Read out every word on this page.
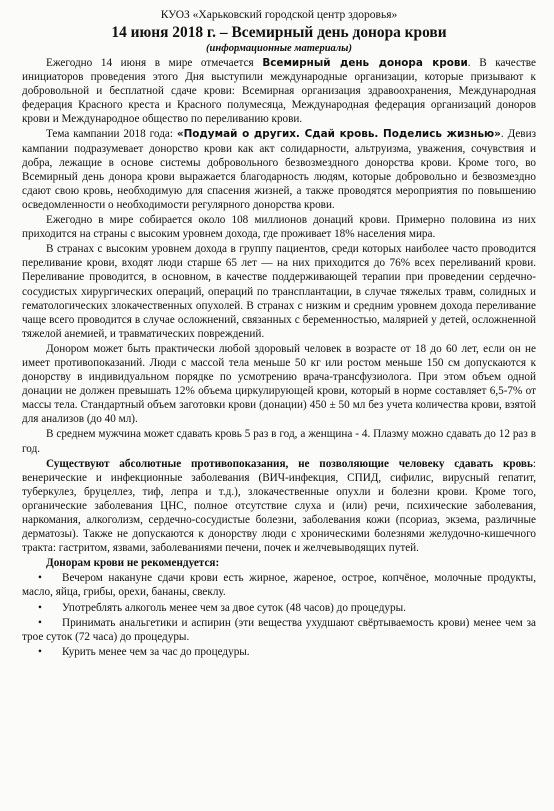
КУОЗ «Харьковский городской центр здоровья»
14 июня 2018 г. – Всемирный день донора крови
(информационные материалы)

Ежегодно 14 июня в мире отмечается Всемирный день донора крови. В качестве инициаторов проведения этого Дня выступили международные организации, которые призывают к добровольной и бесплатной сдаче крови: Всемирная организация здравоохранения, Международная федерация Красного креста и Красного полумесяца, Международная федерация организаций доноров крови и Международное общество по переливанию крови.

Тема кампании 2018 года: «Подумай о других. Сдай кровь. Поделись жизнью». Девиз кампании подразумевает донорство крови как акт солидарности, альтруизма, уважения, сочувствия и добра, лежащие в основе системы добровольного безвозмездного донорства крови. Кроме того, во Всемирный день донора крови выражается благодарность людям, которые добровольно и безвозмездно сдают свою кровь, необходимую для спасения жизней, а также проводятся мероприятия по повышению осведомленности о необходимости регулярного донорства крови.

Ежегодно в мире собирается около 108 миллионов донаций крови. Примерно половина из них приходится на страны с высоким уровнем дохода, где проживает 18% населения мира.

В странах с высоким уровнем дохода в группу пациентов, среди которых наиболее часто проводится переливание крови, входят люди старше 65 лет — на них приходится до 76% всех переливаний крови. Переливание проводится, в основном, в качестве поддерживающей терапии при проведении сердечно-сосудистых хирургических операций, операций по трансплантации, в случае тяжелых травм, солидных и гематологических злокачественных опухолей. В странах с низким и средним уровнем дохода переливание чаще всего проводится в случае осложнений, связанных с беременностью, малярией у детей, осложненной тяжелой анемией, и травматических повреждений.

Донором может быть практически любой здоровый человек в возрасте от 18 до 60 лет, если он не имеет противопоказаний. Люди с массой тела меньше 50 кг или ростом меньше 150 см допускаются к донорству в индивидуальном порядке по усмотрению врача-трансфузиолога. При этом объем одной донации не должен превышать 12% объема циркулирующей крови, который в норме составляет 6,5-7% от массы тела. Стандартный объем заготовки крови (донации) 450 ± 50 мл без учета количества крови, взятой для анализов (до 40 мл).

В среднем мужчина может сдавать кровь 5 раз в год, а женщина - 4. Плазму можно сдавать до 12 раз в год.

Существуют абсолютные противопоказания, не позволяющие человеку сдавать кровь: венерические и инфекционные заболевания (ВИЧ-инфекция, СПИД, сифилис, вирусный гепатит, туберкулез, бруцеллез, тиф, лепра и т.д.), злокачественные опухли и болезни крови. Кроме того, органические заболевания ЦНС, полное отсутствие слуха и (или) речи, психические заболевания, наркомания, алкоголизм, сердечно-сосудистые болезни, заболевания кожи (псориаз, экзема, различные дерматозы). Также не допускаются к донорству люди с хроническими болезнями желудочно-кишечного тракта: гастритом, язвами, заболеваниями печени, почек и желчевыводящих путей.

Донорам крови не рекомендуется:

• Вечером накануне сдачи крови есть жирное, жареное, острое, копчёное, молочные продукты, масло, яйца, грибы, орехи, бананы, свеклу.

• Употреблять алкоголь менее чем за двое суток (48 часов) до процедуры.

• Принимать анальгетики и аспирин (эти вещества ухудшают свёртываемость крови) менее чем за трое суток (72 часа) до процедуры.

• Курить менее чем за час до процедуры.
